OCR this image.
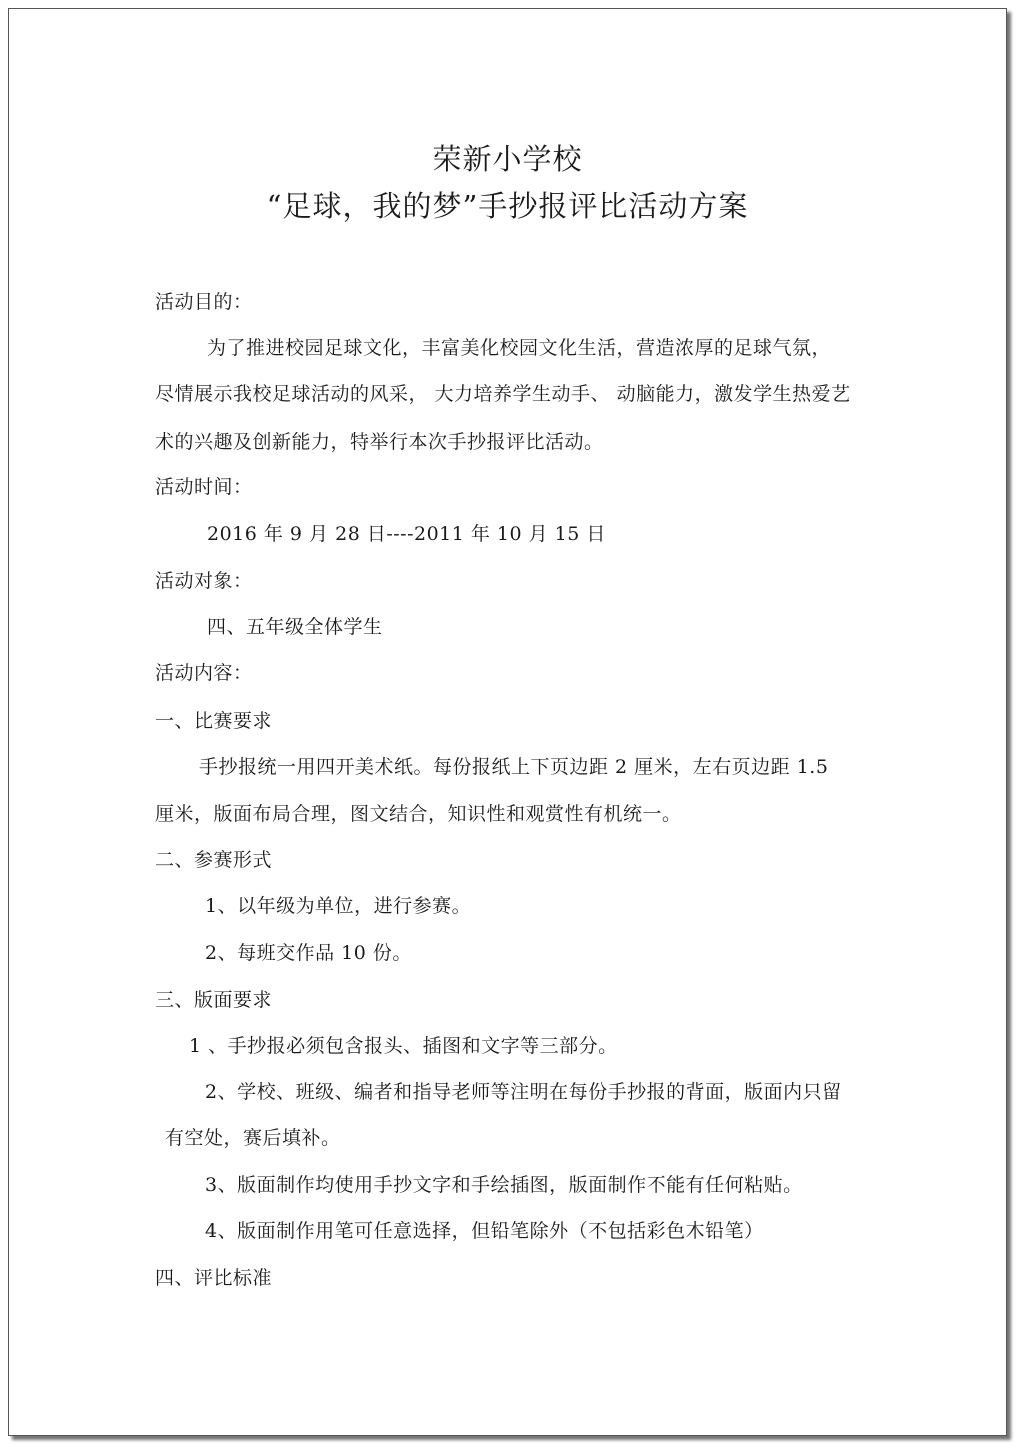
荣新小学校
“足球，我的梦”手抄报评比活动方案
活动目的：
为了推进校园足球文化，丰富美化校园文化生活，营造浓厚的足球气氛，
尽情展示我校足球活动的风采， 大力培养学生动手、 动脑能力，激发学生热爱艺
术的兴趣及创新能力，特举行本次手抄报评比活动。
活动时间：
2016 年 9 月 28 日----2011 年 10 月 15 日
活动对象：
四、五年级全体学生
活动内容：
一、比赛要求
手抄报统一用四开美术纸。每份报纸上下页边距 2 厘米，左右页边距 1.5
厘米，版面布局合理，图文结合，知识性和观赏性有机统一。
二、参赛形式
1、以年级为单位，进行参赛。
2、每班交作品 10 份。
三、版面要求
1 、手抄报必须包含报头、插图和文字等三部分。
2、学校、班级、编者和指导老师等注明在每份手抄报的背面，版面内只留
有空处，赛后填补。
3、版面制作均使用手抄文字和手绘插图，版面制作不能有任何粘贴。
4、版面制作用笔可任意选择，但铅笔除外（不包括彩色木铅笔）
四、评比标准
